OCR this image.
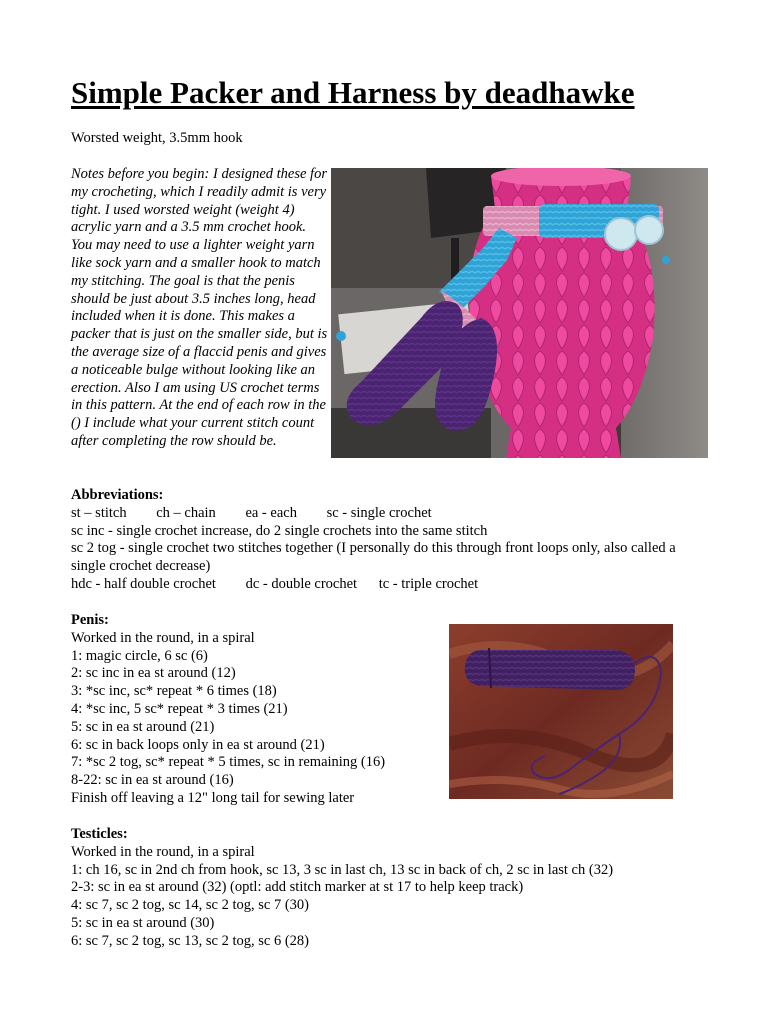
Simple Packer and Harness by deadhawke
Worsted weight, 3.5mm hook

Notes before you begin: I designed these for my crocheting, which I readily admit is very tight. I used worsted weight (weight 4) acrylic yarn and a 3.5 mm crochet hook. You may need to use a lighter weight yarn like sock yarn and a smaller hook to match my stitching. The goal is that the penis should be just about 3.5 inches long, head included when it is done. This makes a packer that is just on the smaller side, but is the average size of a flaccid penis and gives a noticeable bulge without looking like an erection. Also I am using US crochet terms in this pattern. At the end of each row in the () I include what your current stitch count after completing the row should be.

Abbreviations:

st – stitch ch – chain ea - each sc - single crochet

sc inc - single crochet increase, do 2 single crochets into the same stitch

sc 2 tog - single crochet two stitches together (I personally do this through front loops only, also called a single crochet decrease)

hdc - half double crochet dc - double crochet tc - triple crochet

Penis:

Worked in the round, in a spiral

1: magic circle, 6 sc (6)

2: sc inc in ea st around (12)

3: *sc inc, sc* repeat * 6 times (18)

4: *sc inc, 5 sc* repeat * 3 times (21)

5: sc in ea st around (21)

6: sc in back loops only in ea st around (21)

7: *sc 2 tog, sc* repeat * 5 times, sc in remaining (16)

8-22: sc in ea st around (16)

Finish off leaving a 12" long tail for sewing later

Testicles:

Worked in the round, in a spiral

1: ch 16, sc in 2nd ch from hook, sc 13, 3 sc in last ch, 13 sc in back of ch, 2 sc in last ch (32)

2-3: sc in ea st around (32) (optl: add stitch marker at st 17 to help keep track)

4: sc 7, sc 2 tog, sc 14, sc 2 tog, sc 7 (30)

5: sc in ea st around (30)

6: sc 7, sc 2 tog, sc 13, sc 2 tog, sc 6 (28)
